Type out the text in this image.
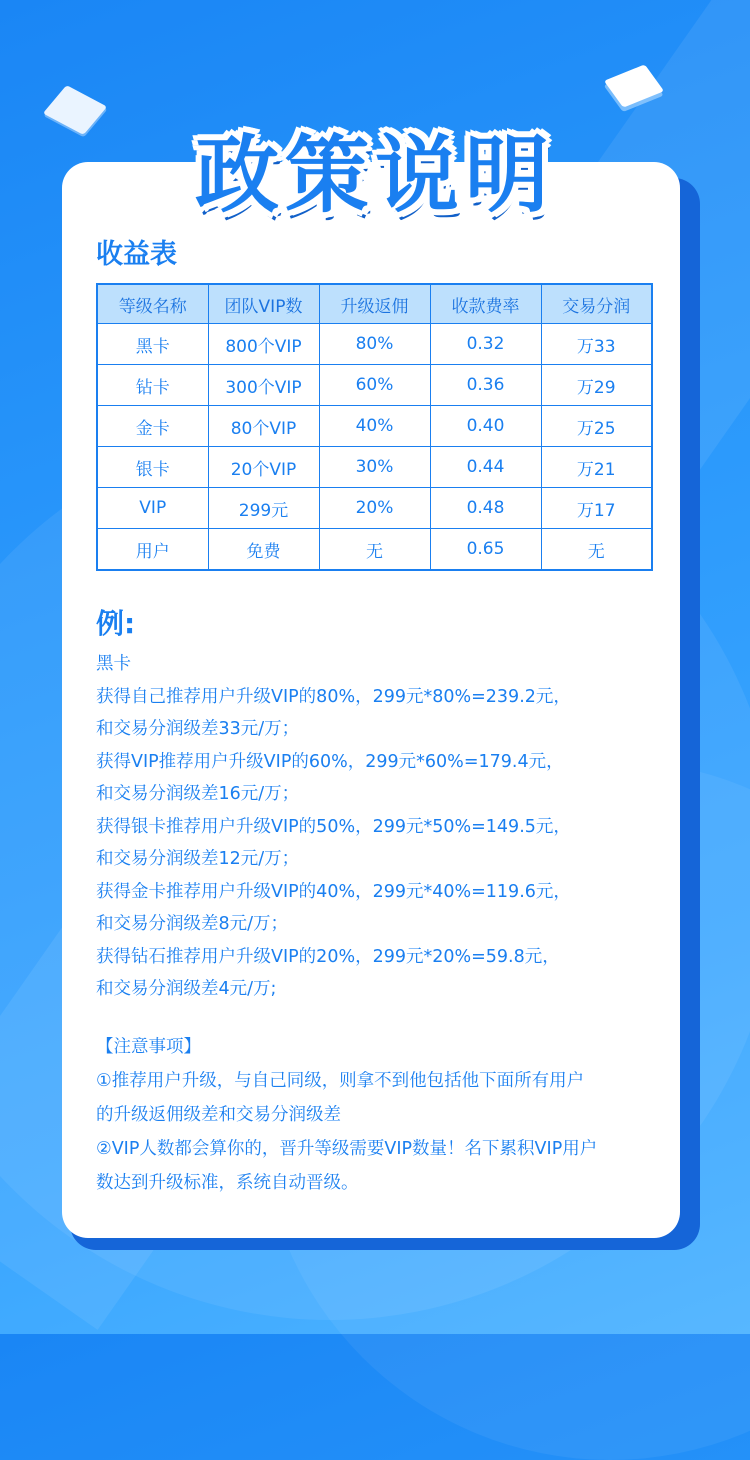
政策说明
收益表
等级名称	团队VIP数	升级返佣	收款费率	交易分润
黑卡	800个VIP	80%	0.32	万33
钻卡	300个VIP	60%	0.36	万29
金卡	80个VIP	40%	0.40	万25
银卡	20个VIP	30%	0.44	万21
VIP	299元	20%	0.48	万17
用户	免费	无	0.65	无
例:
黑卡
获得自己推荐用户升级VIP的80%，299元*80%=239.2元，
和交易分润级差33元/万；
获得VIP推荐用户升级VIP的60%，299元*60%=179.4元，
和交易分润级差16元/万；
获得银卡推荐用户升级VIP的50%，299元*50%=149.5元，
和交易分润级差12元/万；
获得金卡推荐用户升级VIP的40%，299元*40%=119.6元，
和交易分润级差8元/万；
获得钻石推荐用户升级VIP的20%，299元*20%=59.8元，
和交易分润级差4元/万;
【注意事项】
①推荐用户升级，与自己同级，则拿不到他包括他下面所有用户
的升级返佣级差和交易分润级差
②VIP人数都会算你的，晋升等级需要VIP数量！名下累积VIP用户
数达到升级标准，系统自动晋级。
